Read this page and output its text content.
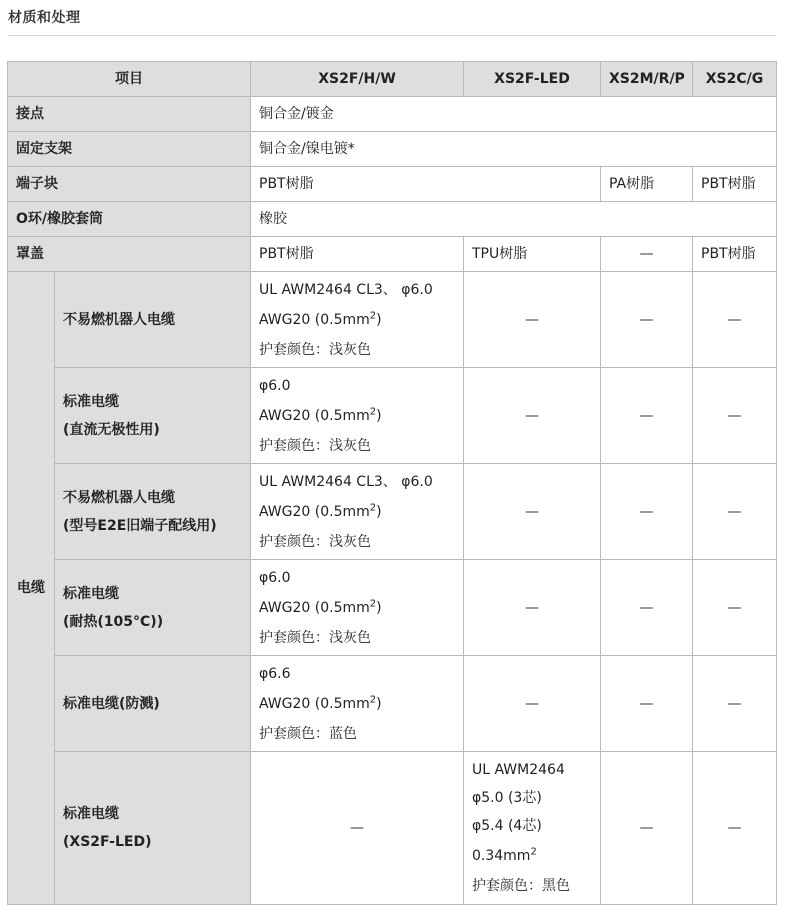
材质和处理
项目		XS2F/H/W	XS2F-LED	XS2M/R/P	XS2C/G
接点		铜合金/镀金			
固定支架		铜合金/镍电镀*			
端子块		PBT树脂		PA树脂	PBT树脂
O环/橡胶套筒		橡胶			
罩盖		PBT树脂	TPU树脂	—	PBT树脂
电缆	不易燃机器人电缆	UL AWM2464 CL3、 φ6.0
AWG20 $(0.5mm^2)$
护套颜色：浅灰色	—	—	—

	标准电缆
(直流无极性用)	φ6.0
AWG20 $(0.5mm^2)$
护套颜色：浅灰色	—	—	—

	不易燃机器人电缆
(型号E2E旧端子配线用)	UL AWM2464 CL3、 φ6.0
AWG20 $(0.5mm^2)$
护套颜色：浅灰色	—	—	—

	标准电缆
(耐热(105°C))	φ6.0
AWG20 $(0.5mm^2)$
护套颜色：浅灰色	—	—	—

	标准电缆(防溅)	φ6.6
AWG20 $(0.5mm^2)$
护套颜色：蓝色	—	—	—

	标准电缆
(XS2F-LED)	—	UL AWM2464
φ5.0 (3芯)
φ5.4 (4芯)
$0.34mm^2$
护套颜色：黑色	—	—
